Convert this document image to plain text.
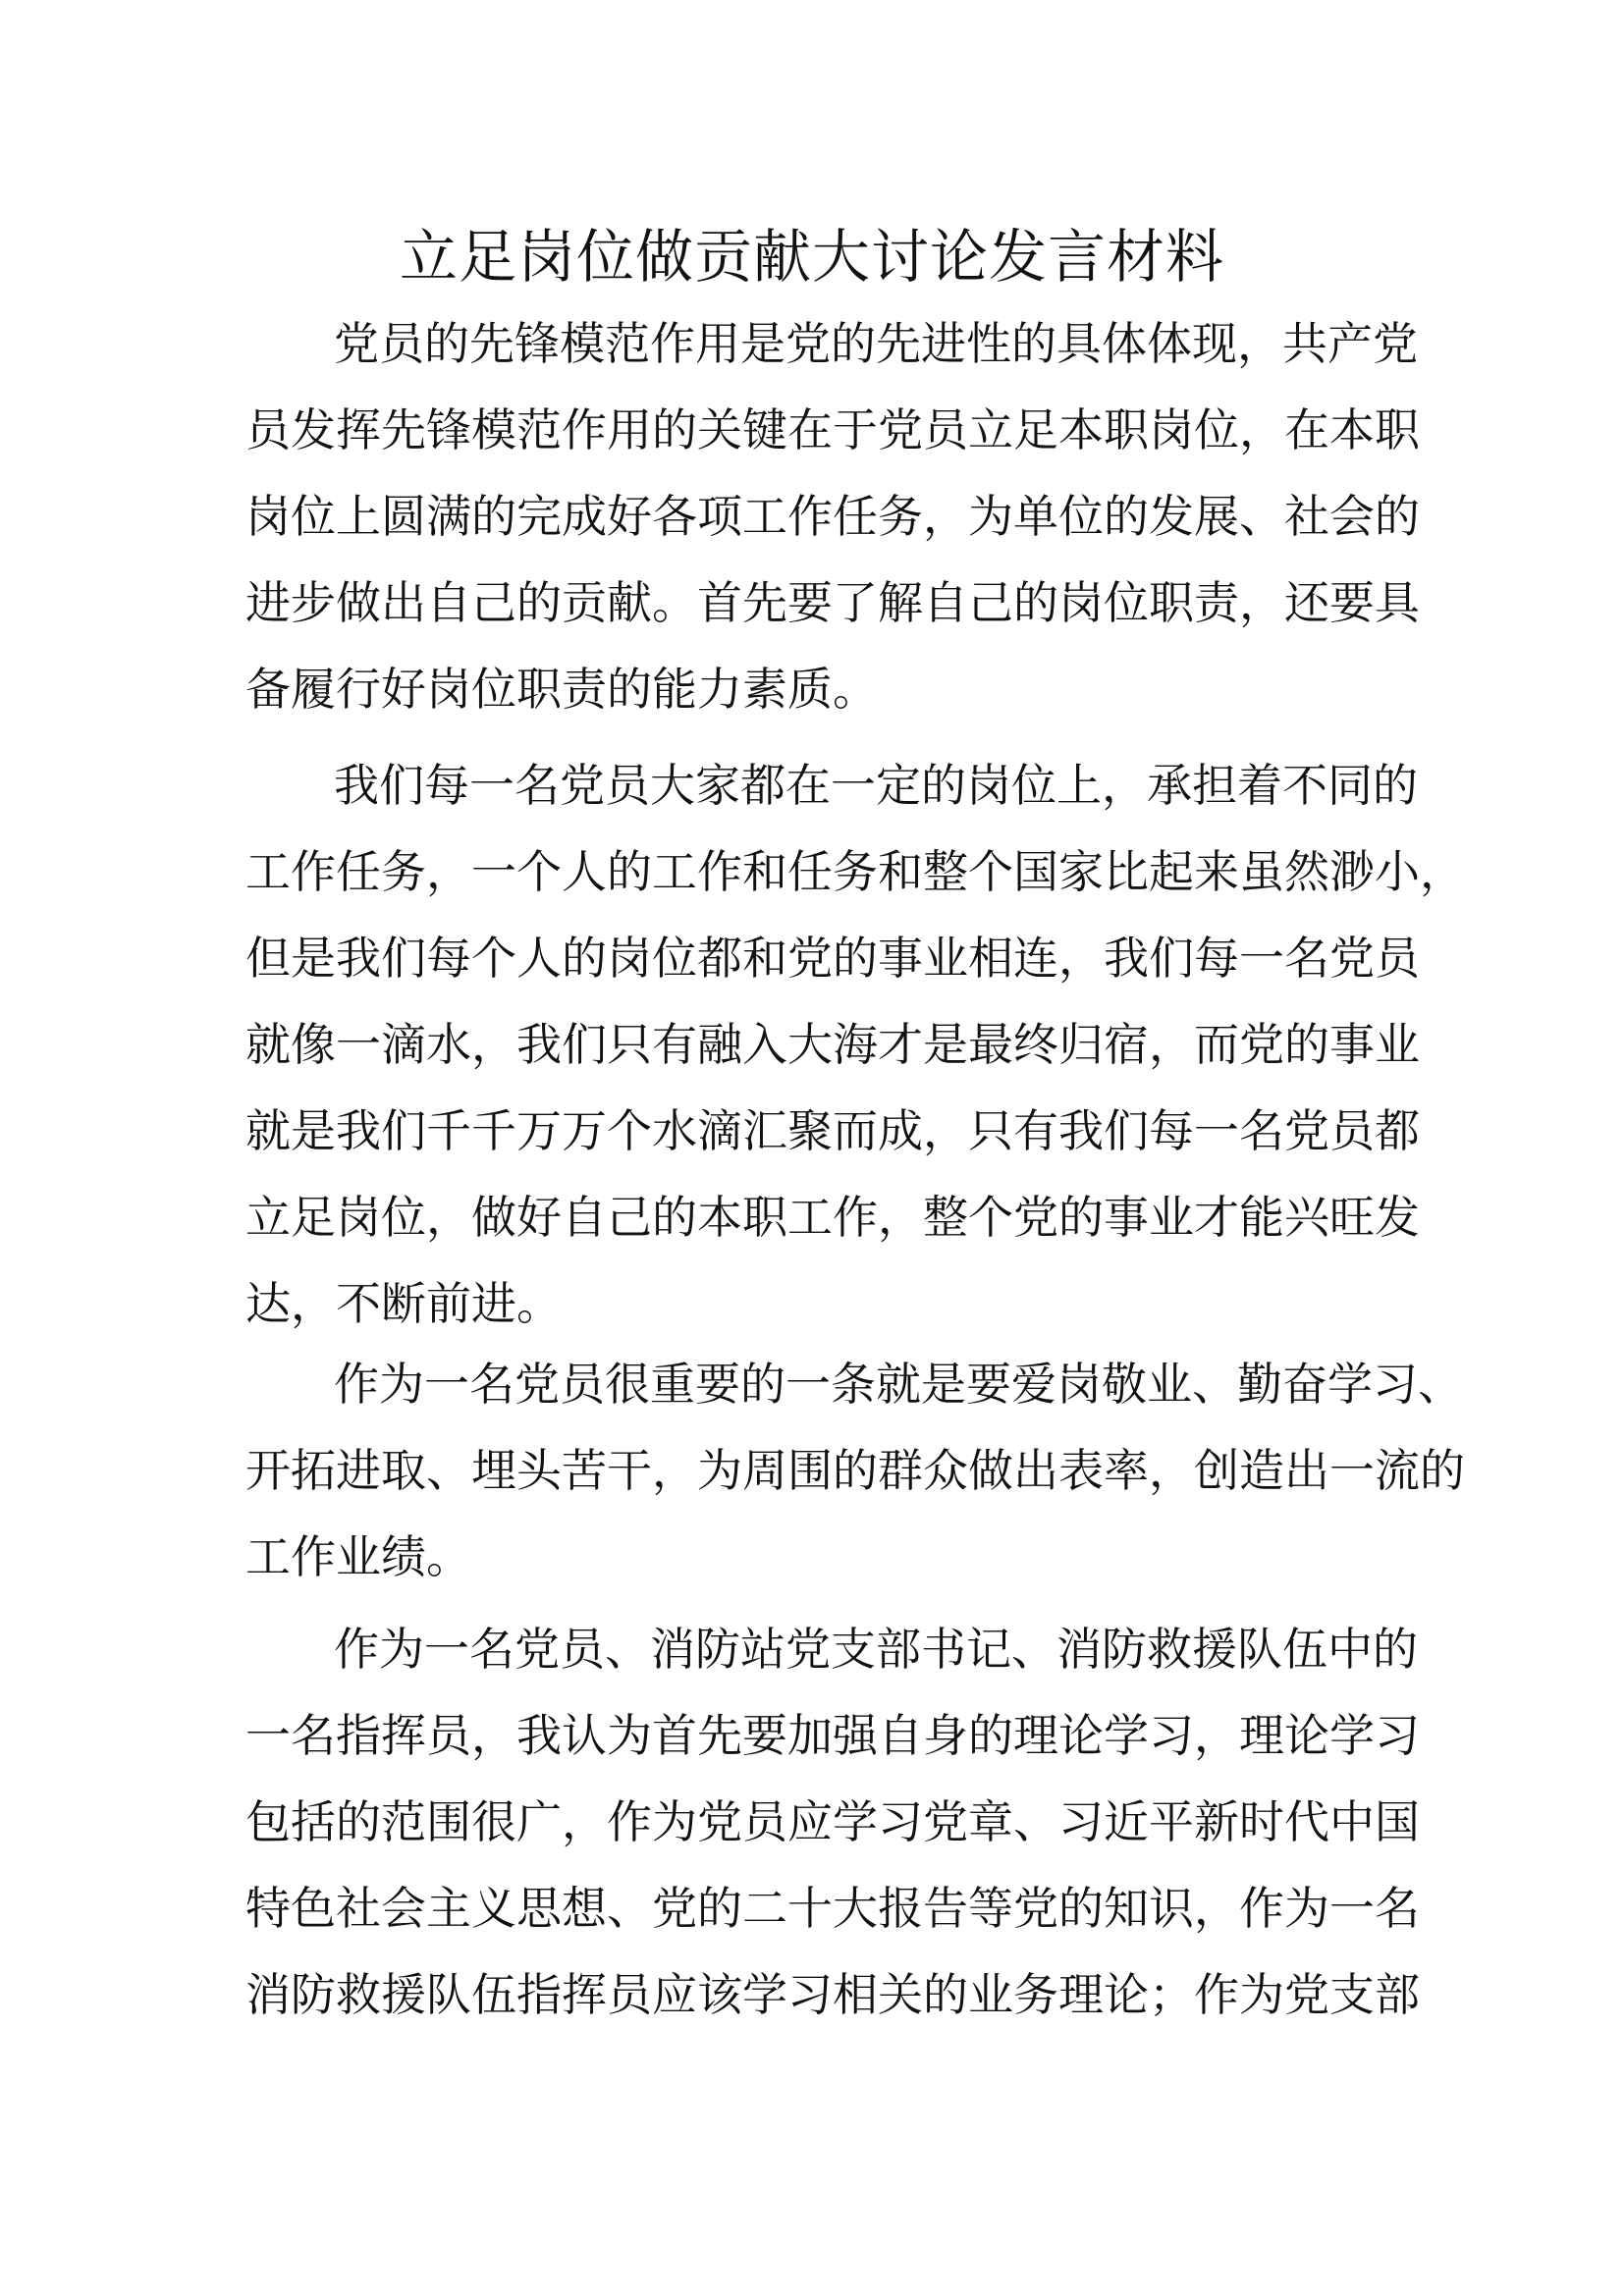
立足岗位做贡献大讨论发言材料

党员的先锋模范作用是党的先进性的具体体现，共产党
员发挥先锋模范作用的关键在于党员立足本职岗位，在本职
岗位上圆满的完成好各项工作任务，为单位的发展、社会的
进步做出自己的贡献。首先要了解自己的岗位职责，还要具
备履行好岗位职责的能力素质。

我们每一名党员大家都在一定的岗位上，承担着不同的
工作任务，一个人的工作和任务和整个国家比起来虽然渺小，
但是我们每个人的岗位都和党的事业相连，我们每一名党员
就像一滴水，我们只有融入大海才是最终归宿，而党的事业
就是我们千千万万个水滴汇聚而成，只有我们每一名党员都
立足岗位，做好自己的本职工作，整个党的事业才能兴旺发
达，不断前进。

作为一名党员很重要的一条就是要爱岗敬业、勤奋学习、
开拓进取、埋头苦干，为周围的群众做出表率，创造出一流的
工作业绩。

作为一名党员、消防站党支部书记、消防救援队伍中的
一名指挥员，我认为首先要加强自身的理论学习，理论学习
包括的范围很广，作为党员应学习党章、习近平新时代中国
特色社会主义思想、党的二十大报告等党的知识，作为一名
消防救援队伍指挥员应该学习相关的业务理论；作为党支部
